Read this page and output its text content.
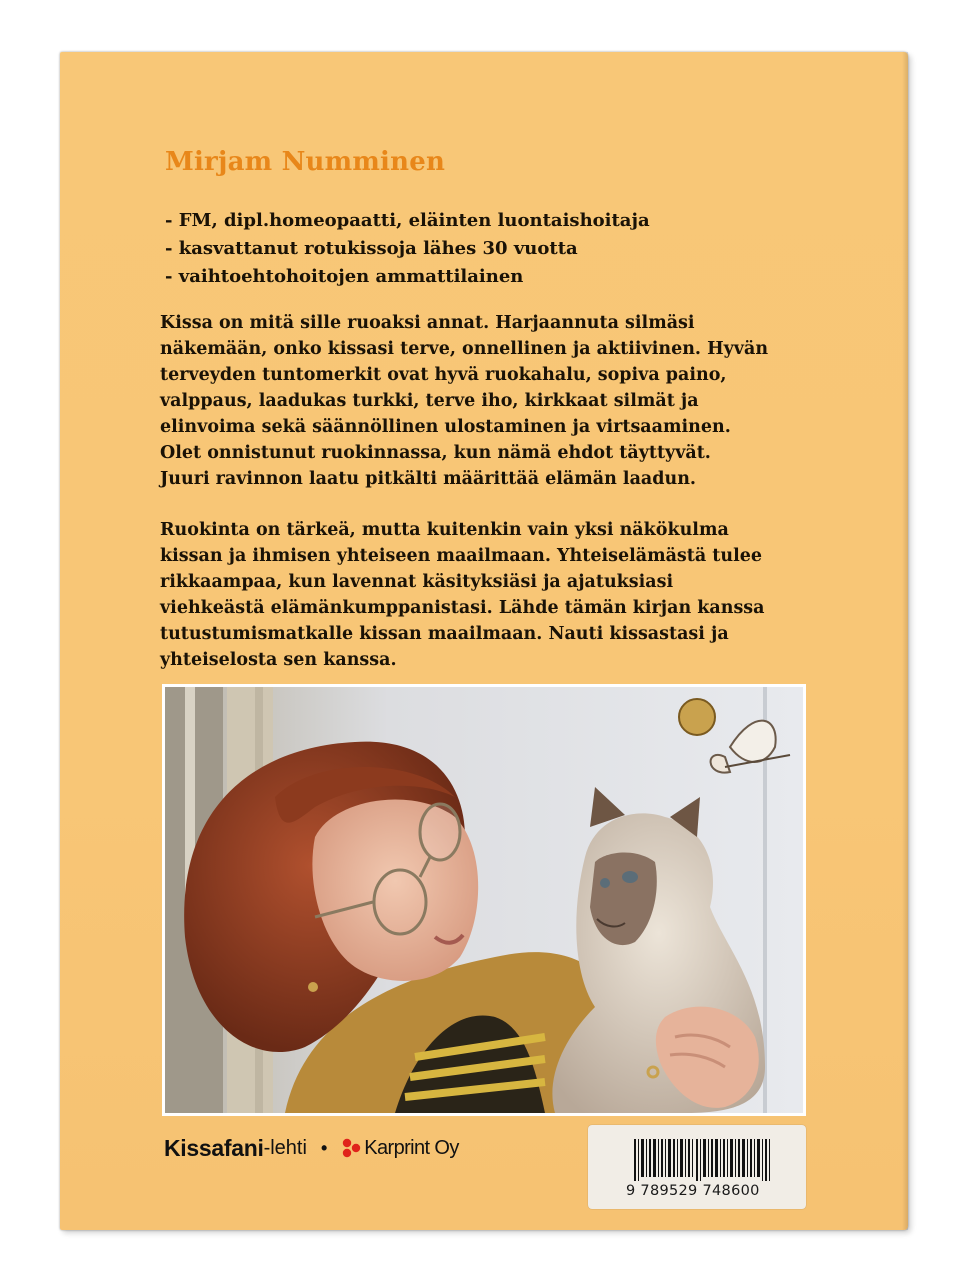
Mirjam Numminen
- FM, dipl.homeopaatti, eläinten luontaishoitaja
- kasvattanut rotukissoja lähes 30 vuotta
- vaihtoehtohoitojen ammattilainen

Kissa on mitä sille ruoaksi annat. Harjaannuta silmäsi
näkemään, onko kissasi terve, onnellinen ja aktiivinen. Hyvän
terveyden tuntomerkit ovat hyvä ruokahalu, sopiva paino,
valppaus, laadukas turkki, terve iho, kirkkaat silmät ja
elinvoima sekä säännöllinen ulostaminen ja virtsaaminen.
Olet onnistunut ruokinnassa, kun nämä ehdot täyttyvät.
Juuri ravinnon laatu pitkälti määrittää elämän laadun.

Ruokinta on tärkeä, mutta kuitenkin vain yksi näkökulma
kissan ja ihmisen yhteiseen maailmaan. Yhteiselämästä tulee
rikkaampaa, kun lavennat käsityksiäsi ja ajatuksiasi
viehkeästä elämänkumppanistasi. Lähde tämän kirjan kanssa
tutustumismatkalle kissan maailmaan. Nauti kissastasi ja
yhteiselosta sen kanssa.

Kissafani -lehti • Karprint Oy
9 789529 748600
